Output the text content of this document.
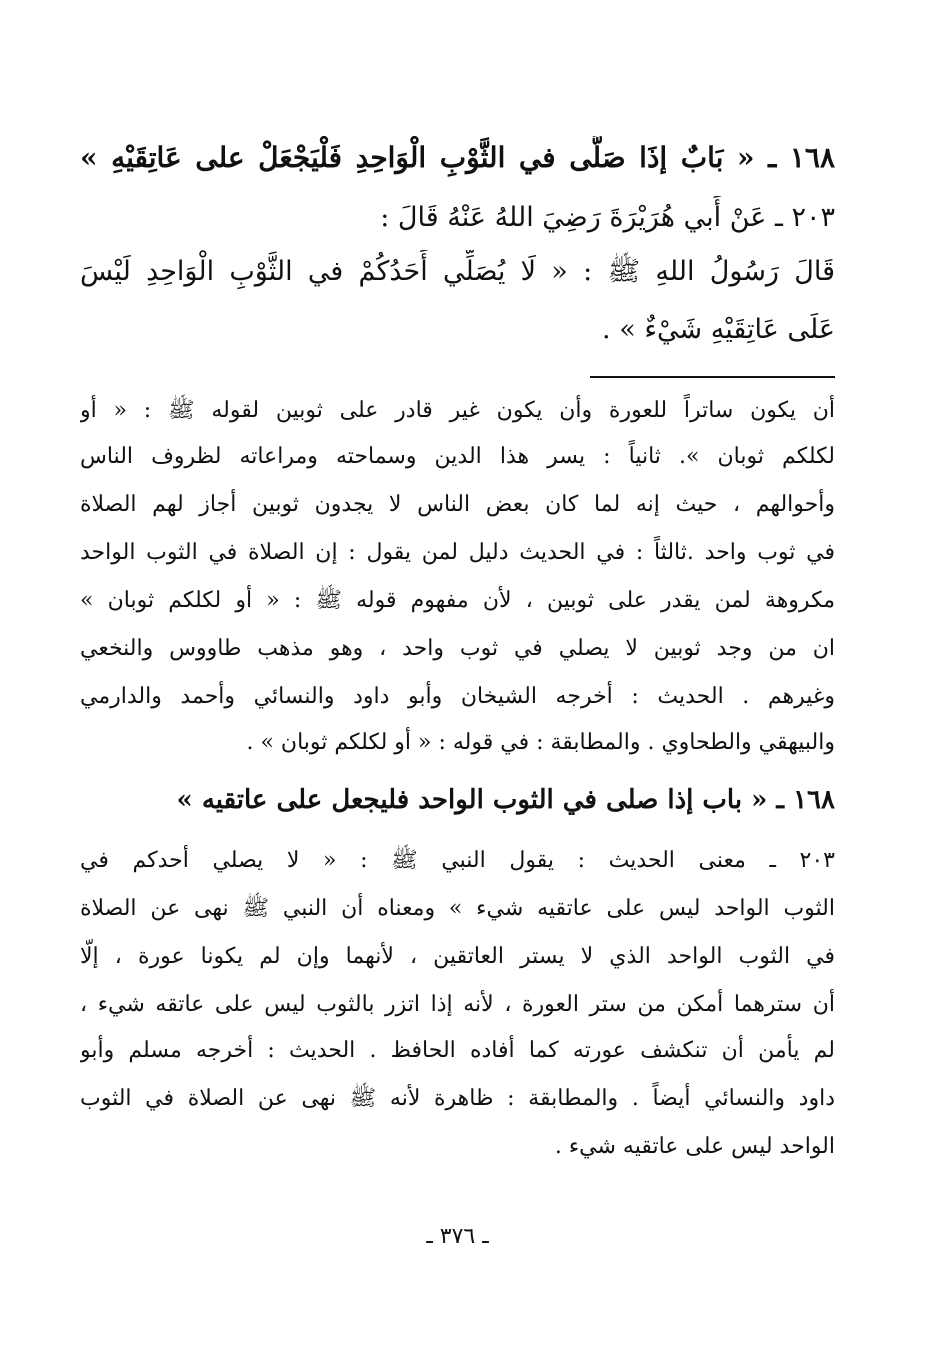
١٦٨ ـ « بَابٌ إذَا صَلَّى في الثَّوْبِ الْوَاحِدِ فَلْيَجْعَلْ على عَاتِقَيْهِ »
٢٠٣ ـ عَنْ أَبي هُرَيْرَةَ رَضِيَ اللهُ عَنْهُ قَالَ :
قَالَ رَسُولُ اللهِ ﷺ : « لَا يُصَلِّي أَحَدُكُمْ في الثَّوْبِ الْوَاحِدِ لَيْسَ
عَلَى عَاتِقَيْهِ شَيْءٌ » .
أن يكون ساتراً للعورة وأن يكون غير قادر على ثوبين لقوله ﷺ : « أو
لكلكم ثوبان ». ثانياً : يسر هذا الدين وسماحته ومراعاته لظروف الناس
وأحوالهم ، حيث إنه لما كان بعض الناس لا يجدون ثوبين أجاز لهم الصلاة
في ثوب واحد .ثالثاً : في الحديث دليل لمن يقول : إن الصلاة في الثوب الواحد
مكروهة لمن يقدر على ثوبين ، لأن مفهوم قوله ﷺ : « أو لكلكم ثوبان »
ان من وجد ثوبين لا يصلي في ثوب واحد ، وهو مذهب طاووس والنخعي
وغيرهم . الحديث : أخرجه الشيخان وأبو داود والنسائي وأحمد والدارمي
والبيهقي والطحاوي . والمطابقة : في قوله : « أو لكلكم ثوبان » .
١٦٨ ـ « باب إذا صلى في الثوب الواحد فليجعل على عاتقيه »
٢٠٣ ـ معنى الحديث : يقول النبي ﷺ : « لا يصلي أحدكم في
الثوب الواحد ليس على عاتقيه شيء » ومعناه أن النبي ﷺ نهى عن الصلاة
في الثوب الواحد الذي لا يستر العاتقين ، لأنهما وإن لم يكونا عورة ، إلّا
أن سترهما أمكن من ستر العورة ، لأنه إذا اتزر بالثوب ليس على عاتقه شيء ،
لم يأمن أن تنكشف عورته كما أفاده الحافظ . الحديث : أخرجه مسلم وأبو
داود والنسائي أيضاً . والمطابقة : ظاهرة لأنه ﷺ نهى عن الصلاة في الثوب
الواحد ليس على عاتقيه شيء .
ـ ٣٧٦ ـ
